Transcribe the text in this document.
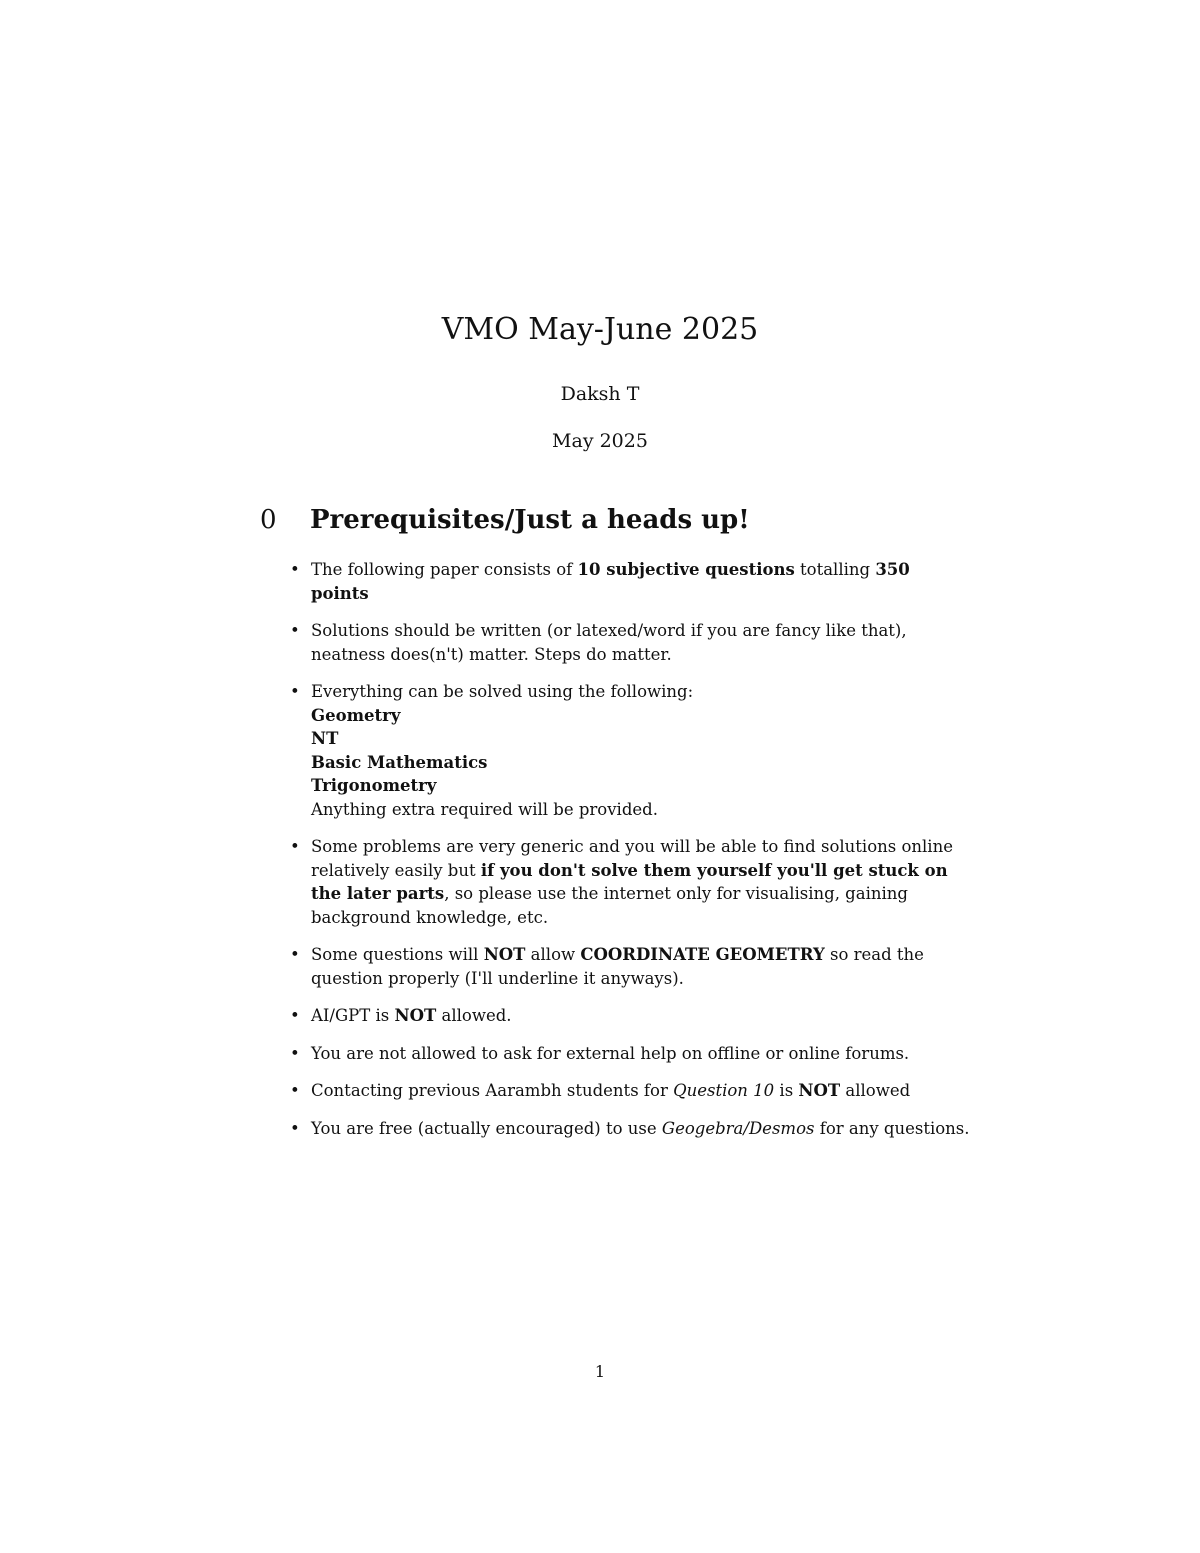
VMO May-June 2025

Daksh T

May 2025

0 Prerequisites/Just a heads up!
• The following paper consists of 10 subjective questions totalling 350 points
• Solutions should be written (or latexed/word if you are fancy like that), neatness does(n't) matter. Steps do matter.
• Everything can be solved using the following:
Geometry
NT
Basic Mathematics
Trigonometry
Anything extra required will be provided.
• Some problems are very generic and you will be able to find solutions online relatively easily but if you don't solve them yourself you'll get stuck on the later parts, so please use the internet only for visualising, gaining background knowledge, etc.
• Some questions will NOT allow COORDINATE GEOMETRY so read the question properly (I'll underline it anyways).
• AI/GPT is NOT allowed.
• You are not allowed to ask for external help on offline or online forums.
• Contacting previous Aarambh students for Question 10 is NOT allowed
• You are free (actually encouraged) to use Geogebra/Desmos for any questions.

1
